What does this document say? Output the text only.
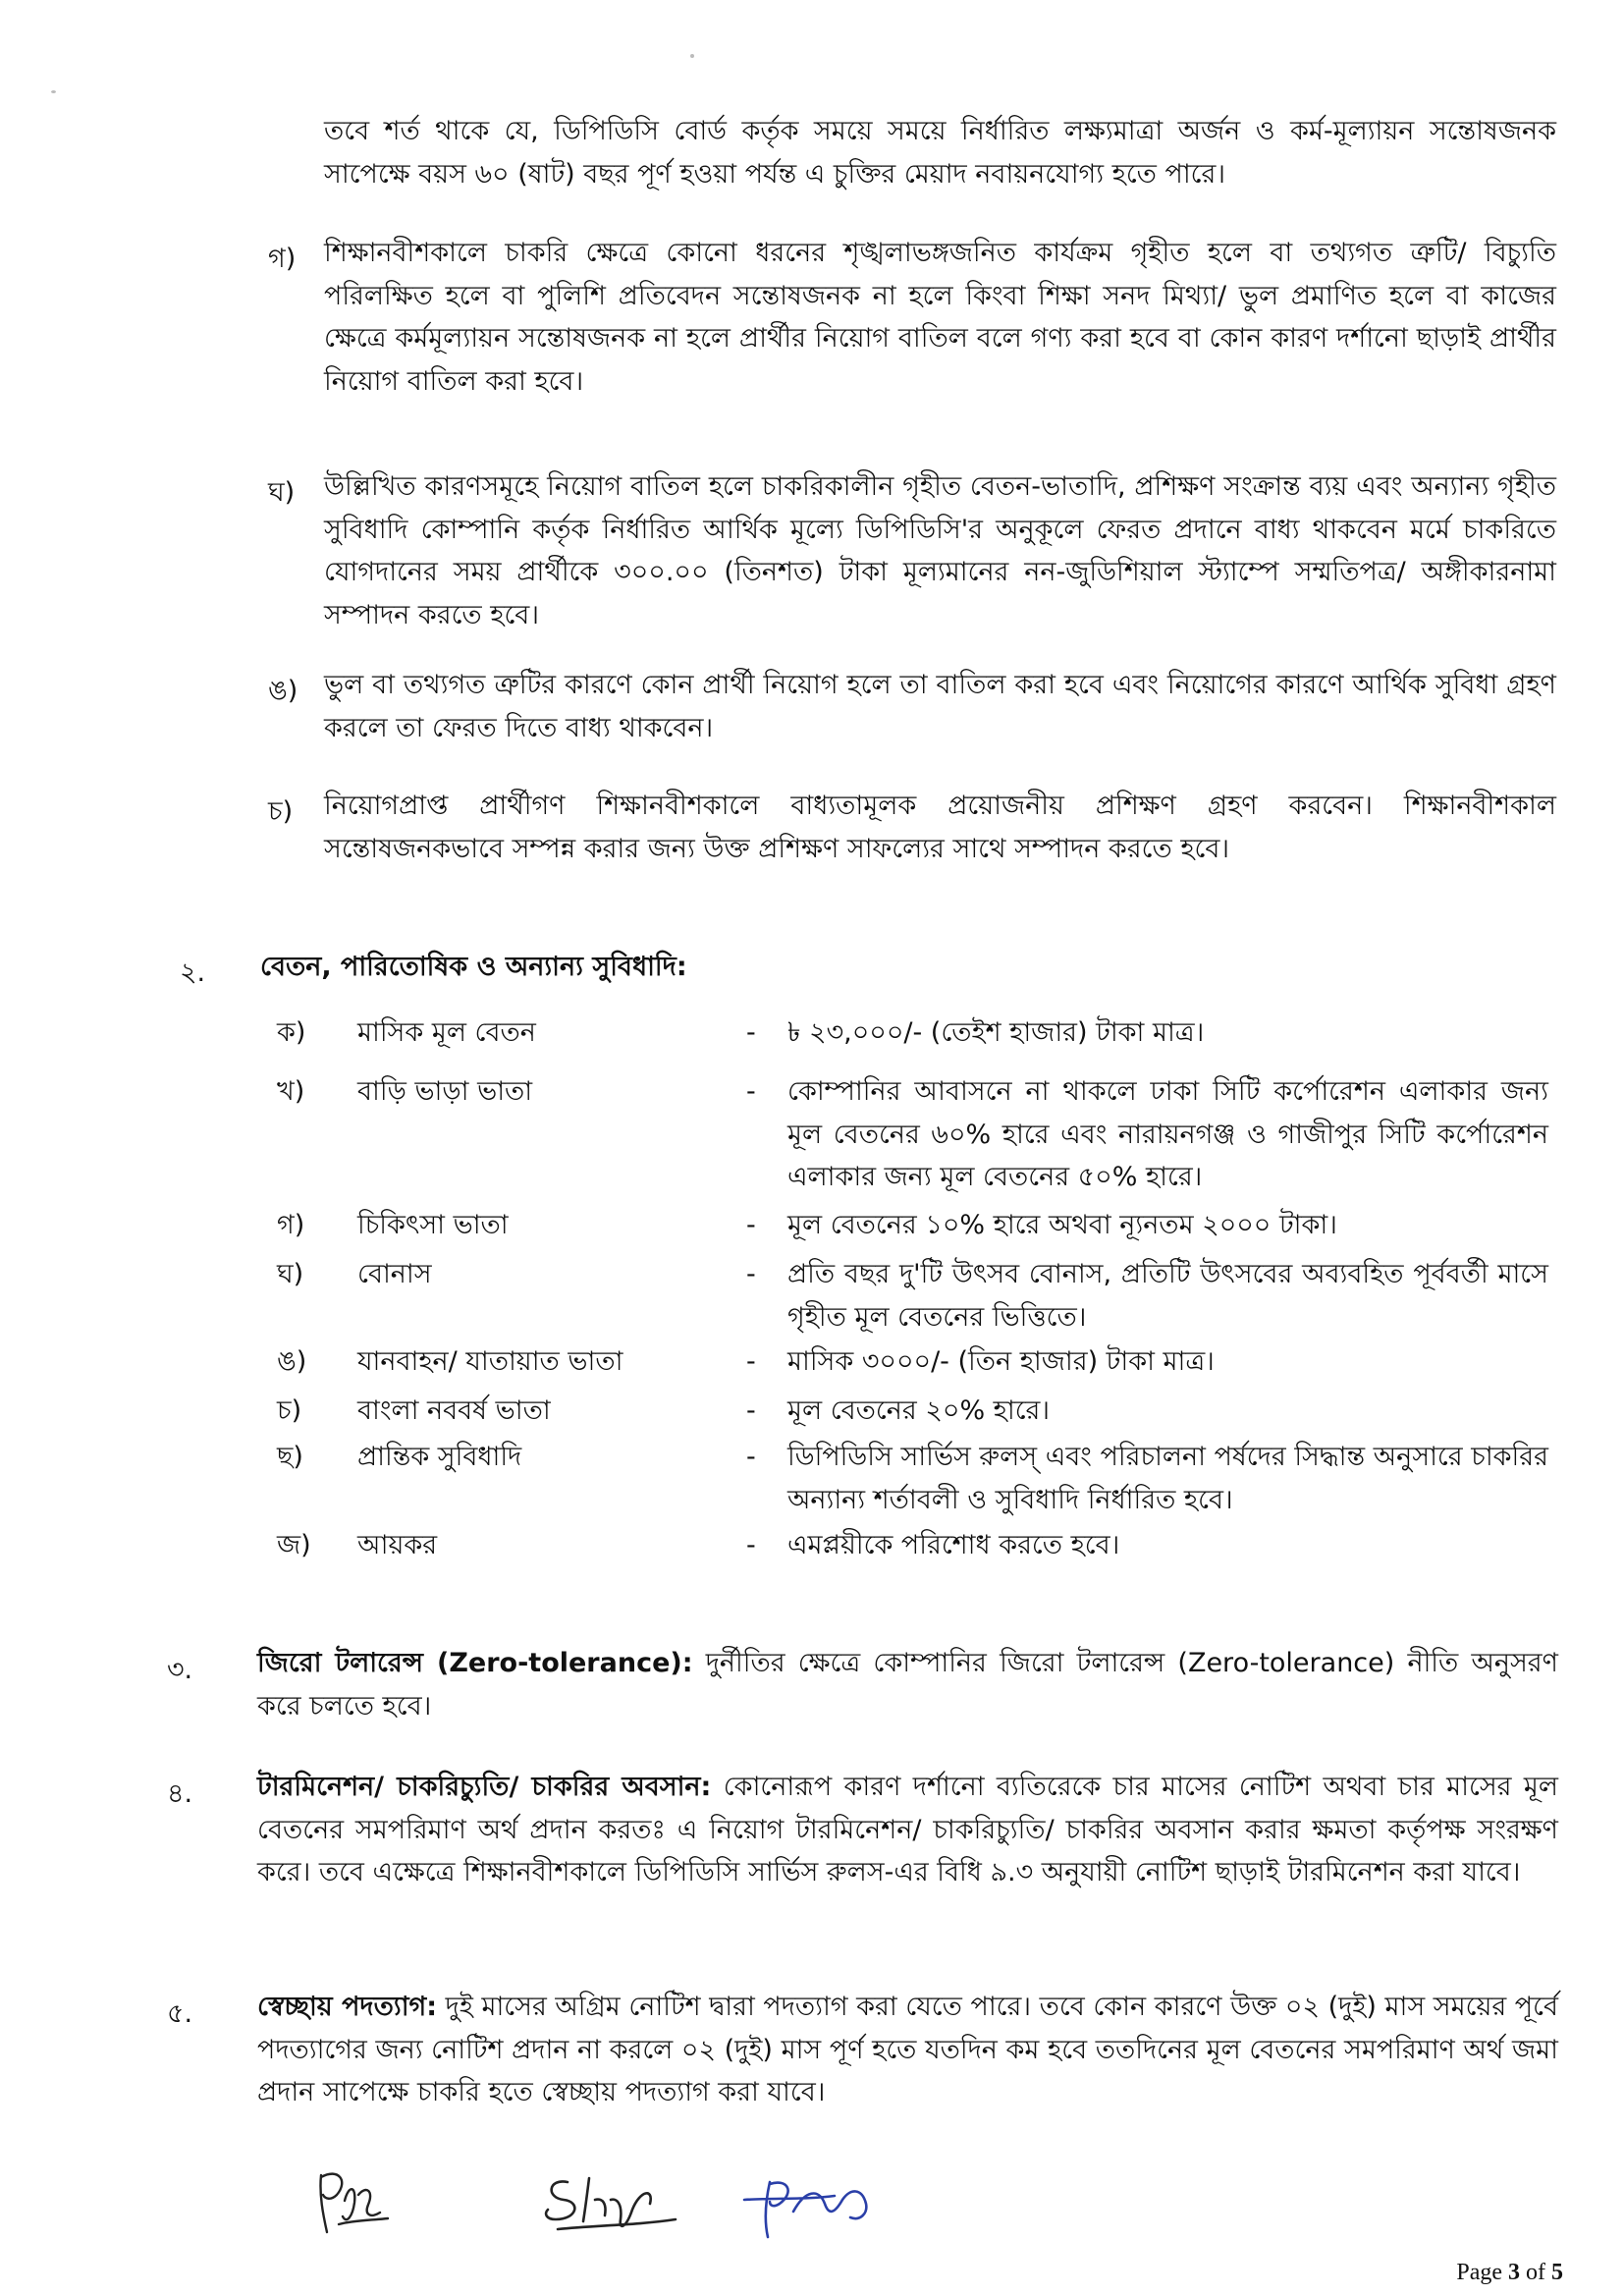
তবে শর্ত থাকে যে, ডিপিডিসি বোর্ড কর্তৃক সময়ে সময়ে নির্ধারিত লক্ষ্যমাত্রা অর্জন ও কর্ম-মূল্যায়ন সন্তোষজনক সাপেক্ষে বয়স ৬০ (ষাট) বছর পূর্ণ হওয়া পর্যন্ত এ চুক্তির মেয়াদ নবায়নযোগ্য হতে পারে।
গ) শিক্ষানবীশকালে চাকরি ক্ষেত্রে কোনো ধরনের শৃঙ্খলাভঙ্গজনিত কার্যক্রম গৃহীত হলে বা তথ্যগত ত্রুটি/ বিচ্যুতি পরিলক্ষিত হলে বা পুলিশি প্রতিবেদন সন্তোষজনক না হলে কিংবা শিক্ষা সনদ মিথ্যা/ ভুল প্রমাণিত হলে বা কাজের ক্ষেত্রে কর্মমূল্যায়ন সন্তোষজনক না হলে প্রার্থীর নিয়োগ বাতিল বলে গণ্য করা হবে বা কোন কারণ দর্শানো ছাড়াই প্রার্থীর নিয়োগ বাতিল করা হবে।
ঘ) উল্লিখিত কারণসমূহে নিয়োগ বাতিল হলে চাকরিকালীন গৃহীত বেতন-ভাতাদি, প্রশিক্ষণ সংক্রান্ত ব্যয় এবং অন্যান্য গৃহীত সুবিধাদি কোম্পানি কর্তৃক নির্ধারিত আর্থিক মূল্যে ডিপিডিসি'র অনুকূলে ফেরত প্রদানে বাধ্য থাকবেন মর্মে চাকরিতে যোগদানের সময় প্রার্থীকে ৩০০.০০ (তিনশত) টাকা মূল্যমানের নন-জুডিশিয়াল স্ট্যাম্পে সম্মতিপত্র/ অঙ্গীকারনামা সম্পাদন করতে হবে।
ঙ) ভুল বা তথ্যগত ত্রুটির কারণে কোন প্রার্থী নিয়োগ হলে তা বাতিল করা হবে এবং নিয়োগের কারণে আর্থিক সুবিধা গ্রহণ করলে তা ফেরত দিতে বাধ্য থাকবেন।
চ) নিয়োগপ্রাপ্ত প্রার্থীগণ শিক্ষানবীশকালে বাধ্যতামূলক প্রয়োজনীয় প্রশিক্ষণ গ্রহণ করবেন। শিক্ষানবীশকাল সন্তোষজনকভাবে সম্পন্ন করার জন্য উক্ত প্রশিক্ষণ সাফল্যের সাথে সম্পাদন করতে হবে।
২. বেতন, পারিতোষিক ও অন্যান্য সুবিধাদি:
ক)	মাসিক মূল বেতন	-	৳ ২৩,০০০/- (তেইশ হাজার) টাকা মাত্র।
খ)	বাড়ি ভাড়া ভাতা	-	কোম্পানির আবাসনে না থাকলে ঢাকা সিটি কর্পোরেশন এলাকার জন্য মূল বেতনের ৬০% হারে এবং নারায়নগঞ্জ ও গাজীপুর সিটি কর্পোরেশন এলাকার জন্য মূল বেতনের ৫০% হারে।
গ)	চিকিৎসা ভাতা	-	মূল বেতনের ১০% হারে অথবা ন্যূনতম ২০০০ টাকা।
ঘ)	বোনাস	-	প্রতি বছর দু'টি উৎসব বোনাস, প্রতিটি উৎসবের অব্যবহিত পূর্ববর্তী মাসে গৃহীত মূল বেতনের ভিত্তিতে।
ঙ)	যানবাহন/ যাতায়াত ভাতা	-	মাসিক ৩০০০/- (তিন হাজার) টাকা মাত্র।
চ)	বাংলা নববর্ষ ভাতা	-	মূল বেতনের ২০% হারে।
ছ)	প্রান্তিক সুবিধাদি	-	ডিপিডিসি সার্ভিস রুলস্ এবং পরিচালনা পর্ষদের সিদ্ধান্ত অনুসারে চাকরির অন্যান্য শর্তাবলী ও সুবিধাদি নির্ধারিত হবে।
জ)	আয়কর	-	এমপ্লয়ীকে পরিশোধ করতে হবে।
৩. জিরো টলারেন্স (Zero-tolerance): দুর্নীতির ক্ষেত্রে কোম্পানির জিরো টলারেন্স (Zero-tolerance) নীতি অনুসরণ করে চলতে হবে।
৪. টারমিনেশন/ চাকরিচ্যুতি/ চাকরির অবসান: কোনোরূপ কারণ দর্শানো ব্যতিরেকে চার মাসের নোটিশ অথবা চার মাসের মূল বেতনের সমপরিমাণ অর্থ প্রদান করতঃ এ নিয়োগ টারমিনেশন/ চাকরিচ্যুতি/ চাকরির অবসান করার ক্ষমতা কর্তৃপক্ষ সংরক্ষণ করে। তবে এক্ষেত্রে শিক্ষানবীশকালে ডিপিডিসি সার্ভিস রুলস-এর বিধি ৯.৩ অনুযায়ী নোটিশ ছাড়াই টারমিনেশন করা যাবে।
৫. স্বেচ্ছায় পদত্যাগ: দুই মাসের অগ্রিম নোটিশ দ্বারা পদত্যাগ করা যেতে পারে। তবে কোন কারণে উক্ত ০২ (দুই) মাস সময়ের পূর্বে পদত্যাগের জন্য নোটিশ প্রদান না করলে ০২ (দুই) মাস পূর্ণ হতে যতদিন কম হবে ততদিনের মূল বেতনের সমপরিমাণ অর্থ জমা প্রদান সাপেক্ষে চাকরি হতে স্বেচ্ছায় পদত্যাগ করা যাবে।
Page 3 of 5
